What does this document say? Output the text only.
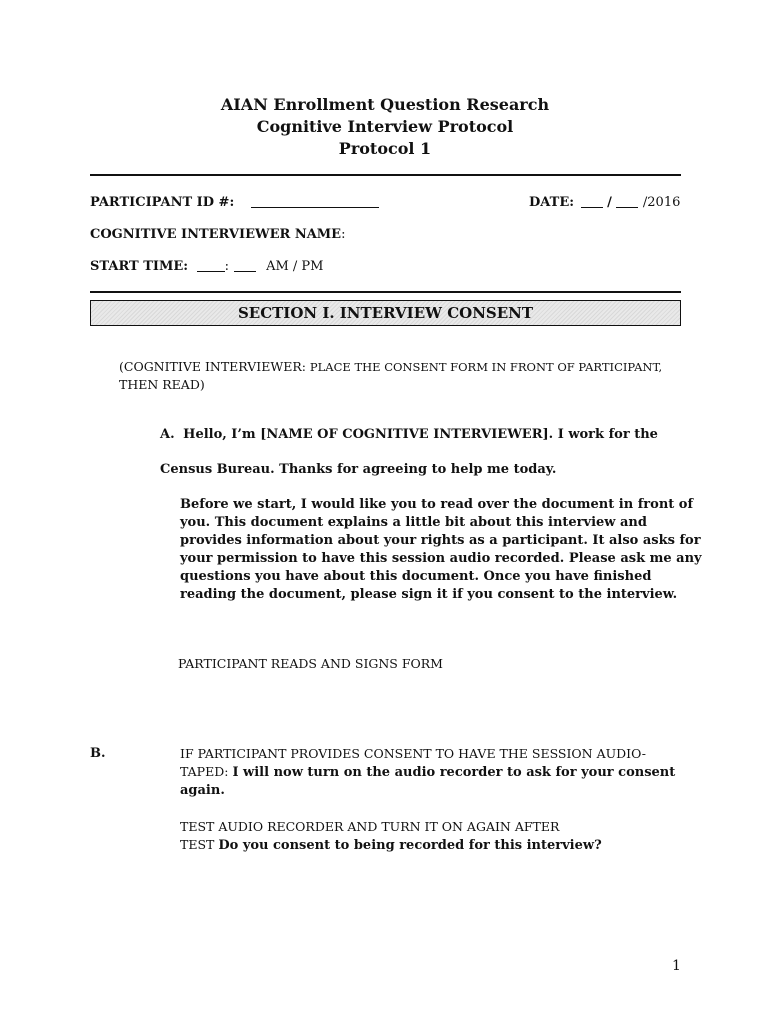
AIAN Enrollment Question Research
Cognitive Interview Protocol
Protocol 1
PARTICIPANT ID #:	DATE:	/ /2016
COGNITIVE INTERVIEWER NAME:
START TIME:	:	AM / PM
SECTION I. INTERVIEW CONSENT
(COGNITIVE INTERVIEWER: PLACE THE CONSENT FORM IN FRONT OF PARTICIPANT,
THEN READ)
A. Hello, I’m [NAME OF COGNITIVE INTERVIEWER]. I work for the
Census Bureau. Thanks for agreeing to help me today.
Before we start, I would like you to read over the document in front of
you. This document explains a little bit about this interview and
provides information about your rights as a participant. It also asks for
your permission to have this session audio recorded. Please ask me any
questions you have about this document. Once you have finished
reading the document, please sign it if you consent to the interview.
PARTICIPANT READS AND SIGNS FORM
B.	IF PARTICIPANT PROVIDES CONSENT TO HAVE THE SESSION AUDIO-
TAPED: I will now turn on the audio recorder to ask for your consent
again.
TEST AUDIO RECORDER AND TURN IT ON AGAIN AFTER
TEST Do you consent to being recorded for this interview?
1
